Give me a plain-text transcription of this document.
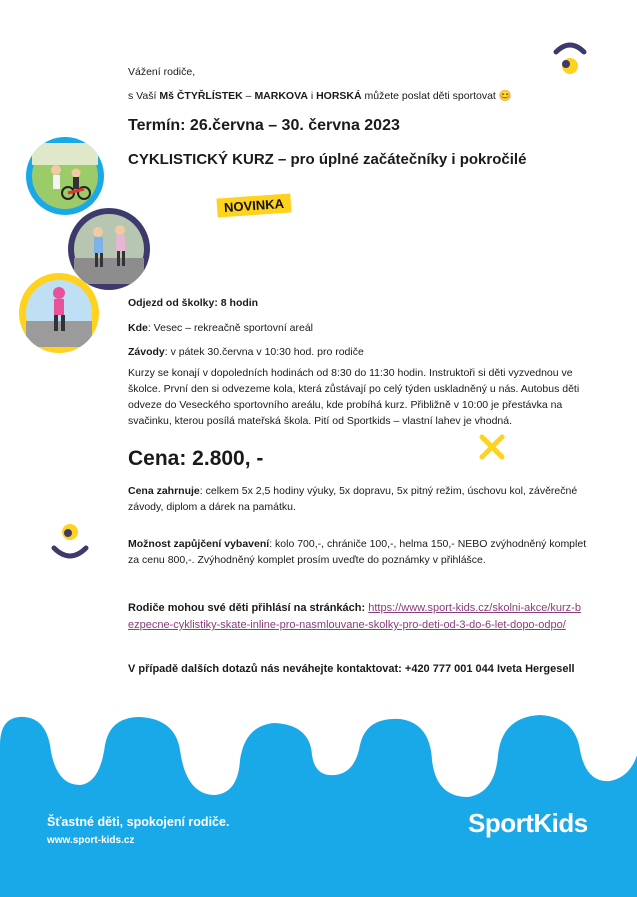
Vážení rodiče,
s Vaší Mš ČTYŘLÍSTEK – MARKOVA i HORSKÁ můžete poslat děti sportovat 😊
Termín: 26.června – 30. června 2023
CYKLISTICKÝ KURZ – pro úplné začátečníky i pokročilé
NOVINKA
Odjezd od školky: 8 hodin
Kde: Vesec – rekreačně sportovní areál
Závody: v pátek 30.června v 10:30 hod. pro rodiče
Kurzy se konají v dopoledních hodinách od 8:30 do 11:30 hodin. Instruktoři si děti vyzvednou ve školce. První den si odvezeme kola, která zůstávají po celý týden uskladněný u nás. Autobus děti odveze do Veseckého sportovního areálu, kde probíhá kurz. Přibližně v 10:00 je přestávka na svačinku, kterou posílá mateřská škola. Pití od Sportkids – vlastní lahev je vhodná.
Cena: 2.800, -
Cena zahrnuje: celkem 5x 2,5 hodiny výuky, 5x dopravu, 5x pitný režim, úschovu kol, závěrečné závody, diplom a dárek na památku.
Možnost zapůjčení vybavení: kolo 700,-, chrániče 100,-, helma 150,- NEBO zvýhodněný komplet za cenu 800,-. Zvýhodněný komplet prosím uveďte do poznámky v přihlášce.
Rodiče mohou své děti přihlásí na stránkách: https://www.sport-kids.cz/skolni-akce/kurz-bezpecne-cyklistiky-skate-inline-pro-nasmlouvane-skolky-pro-deti-od-3-do-6-let-dopo-odpo/
V případě dalších dotazů nás neváhejte kontaktovat: +420 777 001 044 Iveta Hergesell
Šťastné děti, spokojení rodiče.
www.sport-kids.cz
SportKids
